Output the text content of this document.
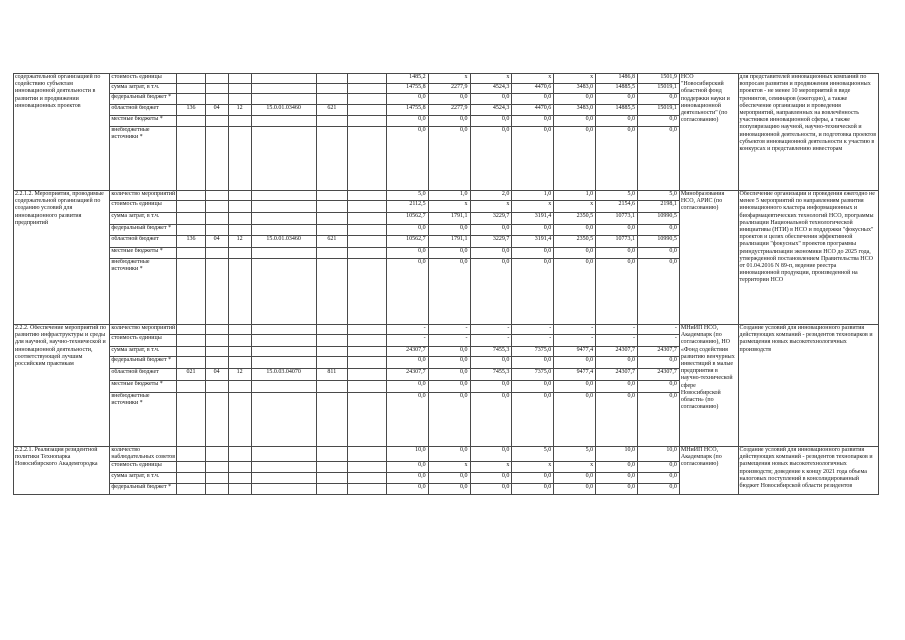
содержательной организацией по содействию субъектам инновационной деятельности в развитии и продвижении инновационных проектов	стоимость единицы							1485,2	x	x	x	x	1486,8	1501,9	НСО "Новосибирский областной фонд поддержки науки и инновационной деятельности" (по согласованию)	для представителей инновационных компаний по вопросам развития и продвижения инновационных проектов - не менее 10 мероприятий в виде тренингов, семинаров (ежегодно), а также обеспечение организации и проведения мероприятий, направленных на вовлечённость участников инновационной сферы, а также популяризацию научной, научно-технической и инновационной деятельности, и подготовка проектов субъектов инновационной деятельности к участию в конкурсах и представлению инвесторам
	сумма затрат, в т.ч.							14755,8	2277,9	4524,3	4470,6	3483,0	14885,5	15019,1		
	федеральный бюджет *							0,0	0,0	0,0	0,0	0,0	0,0	0,0		
	областной бюджет	136	04	12	15.0.01.03460	621		14755,8	2277,9	4524,3	4470,6	3483,0	14885,5	15019,1		
	местные бюджеты *							0,0	0,0	0,0	0,0	0,0	0,0	0,0		
	внебюджетные источники *							0,0	0,0	0,0	0,0	0,0	0,0	0,0		
2.2.1.2. Мероприятия, проводимые содержательной организацией по созданию условий для инновационного развития предприятий	количество мероприятий							5,0	1,0	2,0	1,0	1,0	5,0	5,0	Минобразования НСО, АРИС (по согласованию)	Обеспечение организации и проведения ежегодно не менее 5 мероприятий по направлениям развития инновационного кластера информационных и биофармацевтических технологий НСО, программы реализации Национальной технологической инициативы (НТИ) в НСО и поддержки "фокусных" проектов и целях обеспечения эффективной реализации "фокусных" проектов программы реиндустриализации экономики НСО до 2025 года, утвержденной постановлением Правительства НСО от 01.04.2016 N 89-п, ведение реестра инновационной продукции, произведенной на территории НСО
	стоимость единицы							2112,5	x	x	x	x	2154,6	2198,1		
	сумма затрат, в т.ч.							10562,7	1791,1	3229,7	3191,4	2350,5	10773,1	10990,5		
	федеральный бюджет *							0,0	0,0	0,0	0,0	0,0	0,0	0,0		
	областной бюджет	136	04	12	15.0.01.03460	621		10562,7	1791,1	3229,7	3191,4	2350,5	10773,1	10990,5		
	местные бюджеты *							0,0	0,0	0,0	0,0	0,0	0,0	0,0		
	внебюджетные источники *							0,0	0,0	0,0	0,0	0,0	0,0	0,0		
2.2.2. Обеспечение мероприятий по развитию инфраструктуры и среды для научной, научно-технической и инновационной деятельности, соответствующей лучшим российским практикам	количество мероприятий							-	-	-	-	-	-	-	МНиИП НСО, Академпарк (по согласованию), НО «Фонд содействия развитию венчурных инвестиций в малые предприятия в научно-технической сфере Новосибирской области» (по согласованию)	Создание условий для инновационного развития действующих компаний - резидентов технопарков и размещения новых высокотехнологичных производств
	стоимость единицы							-	-	-	-	-	-	-		
	сумма затрат, в т.ч.							24307,7	0,0	7455,3	7375,0	9477,4	24307,7	24307,7		
	федеральный бюджет *							0,0	0,0	0,0	0,0	0,0	0,0	0,0		
	областной бюджет	021	04	12	15.0.03.04070	811		24307,7	0,0	7455,3	7375,0	9477,4	24307,7	24307,7		
	местные бюджеты *							0,0	0,0	0,0	0,0	0,0	0,0	0,0		
	внебюджетные источники *							0,0	0,0	0,0	0,0	0,0	0,0	0,0		
2.2.2.1. Реализация резидентной политики Технопарка Новосибирского Академгородка	количество наблюдательных советов							10,0	0,0	0,0	5,0	5,0	10,0	10,0	МНиИП НСО, Академпарк (по согласованию)	Создание условий для инновационного развития действующих компаний - резидентов технопарков и размещения новых высокотехнологичных производств; доведение к концу 2021 года объема налоговых поступлений в консолидированный бюджет Новосибирской области резидентов
	стоимость единицы							0,0	x	x	x	x	0,0	0,0		
	сумма затрат, в т.ч.							0,0	0,0	0,0	0,0	0,0	0,0	0,0		
	федеральный бюджет *							0,0	0,0	0,0	0,0	0,0	0,0	0,0		
